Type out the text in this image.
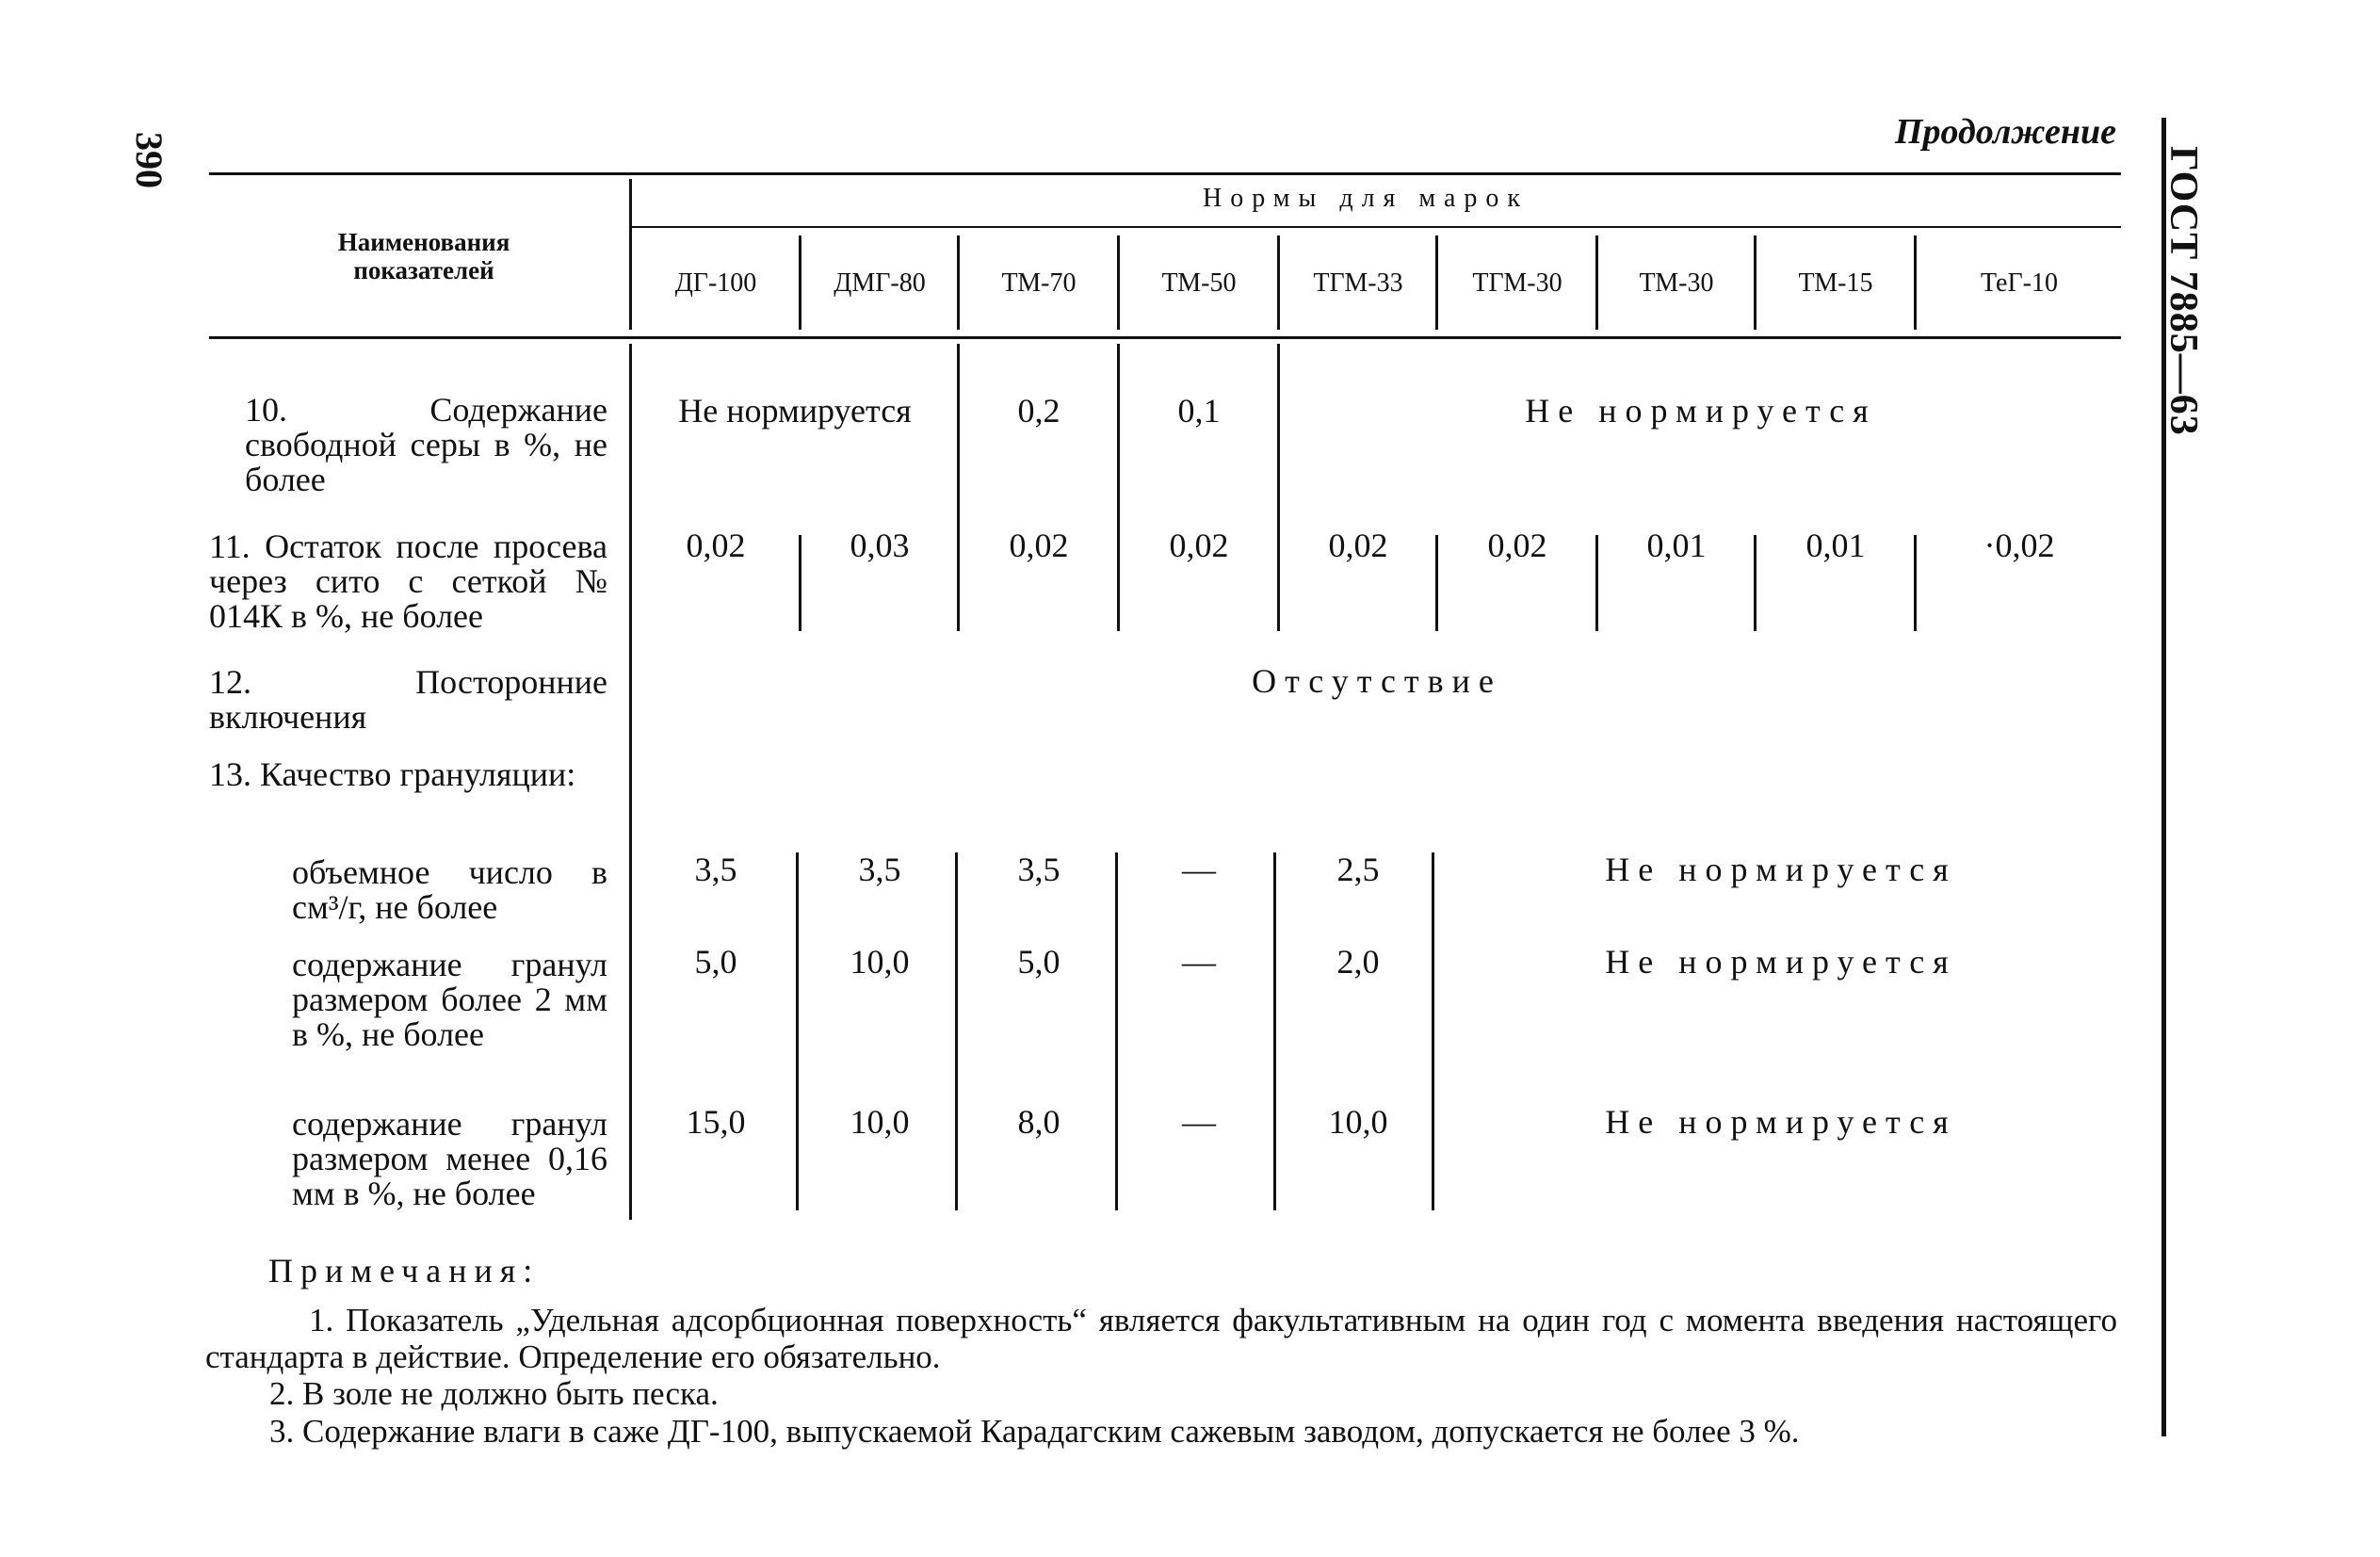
390	Продолжение
ГОСТ 7885—63
Наименования показателей
Нормы для марок
ДГ-100	ДМГ-80	ТМ-70	ТМ-50	ТГМ-33	ТГМ-30	ТМ-30	ТМ-15	ТеГ-10
10. Содержание свободной серы в %, не более
Не нормируется	0,2	0,1	Не нормируется
11. Остаток после просева через сито с сеткой № 014К в %, не более
0,02	0,03	0,02	0,02	0,02	0,02	0,01	0,01	·0,02
12. Посторонние включения
Отсутствие
13. Качество грануляции:
объемное число в см³/г, не более
3,5	3,5	3,5	—	2,5	Не нормируется
содержание гранул размером более 2 мм в %, не более
5,0	10,0	5,0	—	2,0	Не нормируется
содержание гранул размером менее 0,16 мм в %, не более
15,0	10,0	8,0	—	10,0	Не нормируется
Примечания:
1. Показатель „Удельная адсорбционная поверхность“ является факультативным на один год с момента введения настоящего стандарта в действие. Определение его обязательно.
2. В золе не должно быть песка.
3. Содержание влаги в саже ДГ-100, выпускаемой Карадагским сажевым заводом, допускается не более 3 %.
